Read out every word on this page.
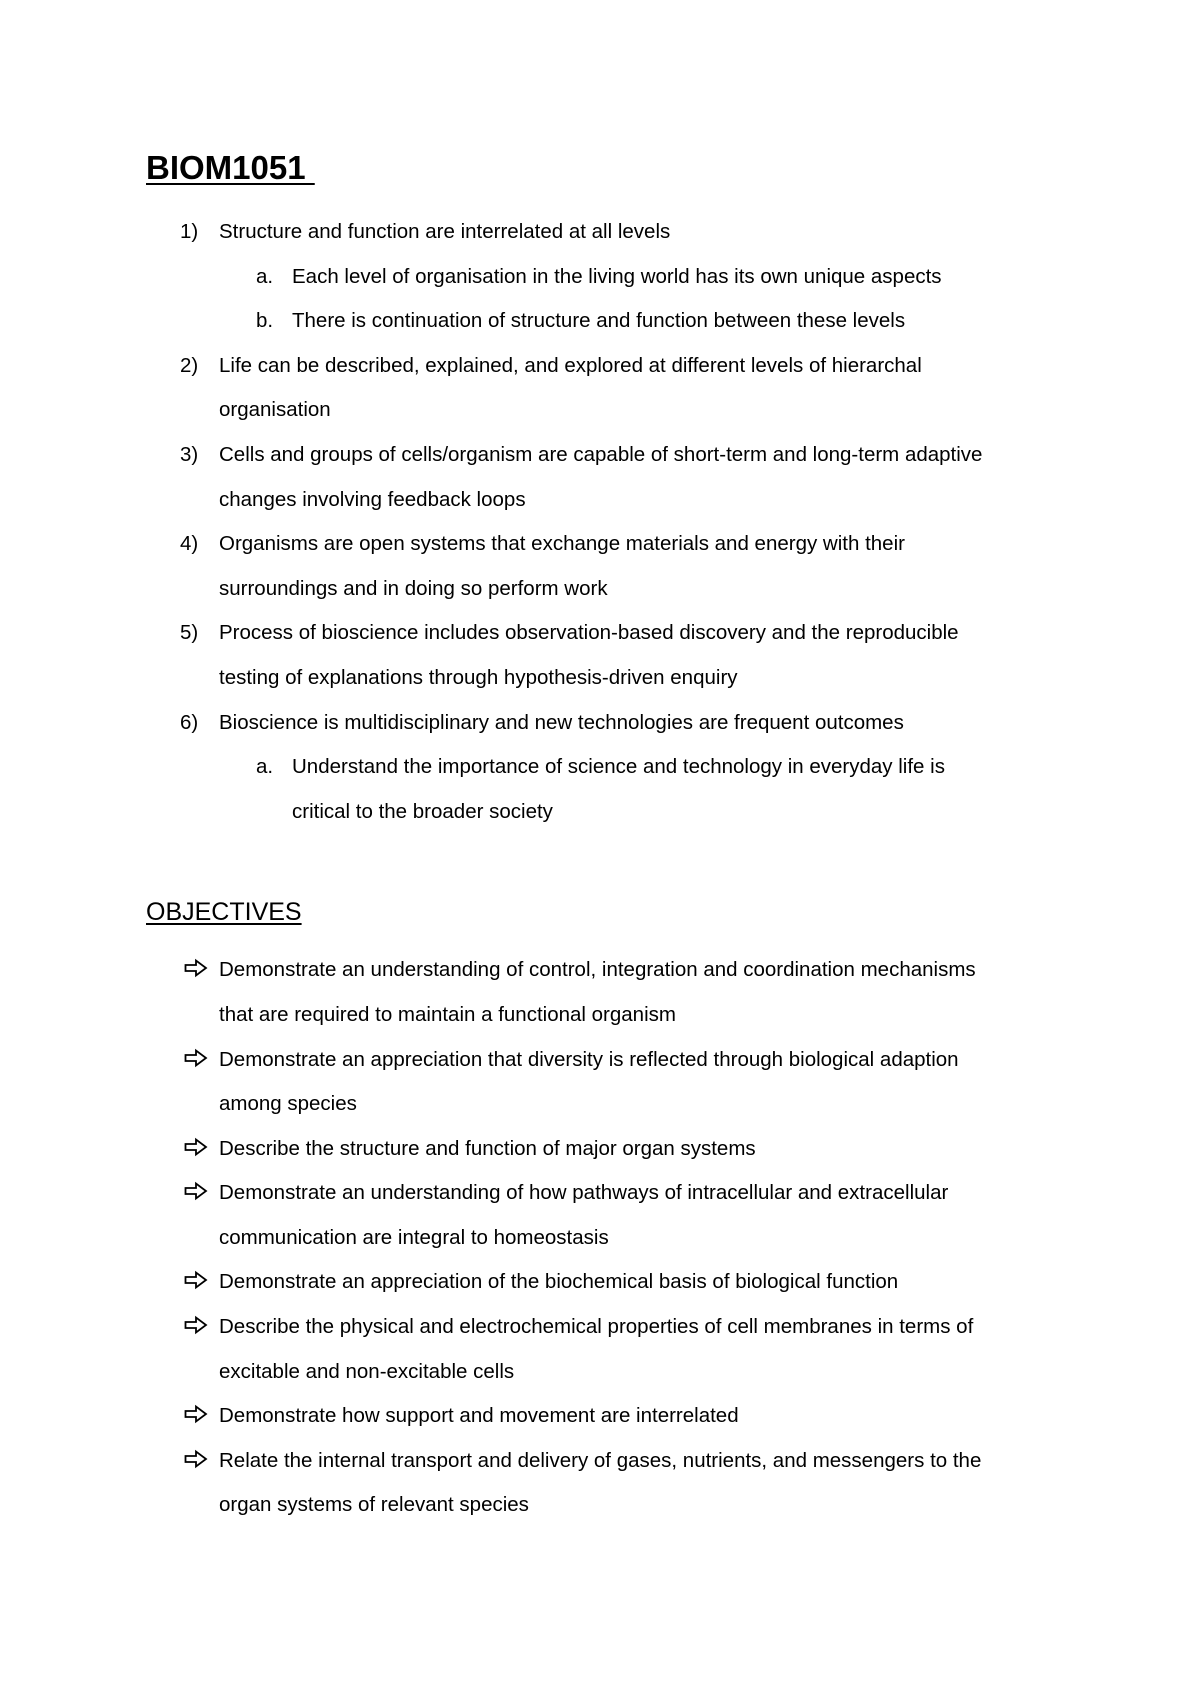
BIOM1051
1) Structure and function are interrelated at all levels
a. Each level of organisation in the living world has its own unique aspects
b. There is continuation of structure and function between these levels
2) Life can be described, explained, and explored at different levels of hierarchal
organisation
3) Cells and groups of cells/organism are capable of short-term and long-term adaptive
changes involving feedback loops
4) Organisms are open systems that exchange materials and energy with their
surroundings and in doing so perform work
5) Process of bioscience includes observation-based discovery and the reproducible
testing of explanations through hypothesis-driven enquiry
6) Bioscience is multidisciplinary and new technologies are frequent outcomes
a. Understand the importance of science and technology in everyday life is
critical to the broader society
OBJECTIVES
Demonstrate an understanding of control, integration and coordination mechanisms
that are required to maintain a functional organism
Demonstrate an appreciation that diversity is reflected through biological adaption
among species
Describe the structure and function of major organ systems
Demonstrate an understanding of how pathways of intracellular and extracellular
communication are integral to homeostasis
Demonstrate an appreciation of the biochemical basis of biological function
Describe the physical and electrochemical properties of cell membranes in terms of
excitable and non-excitable cells
Demonstrate how support and movement are interrelated
Relate the internal transport and delivery of gases, nutrients, and messengers to the
organ systems of relevant species
